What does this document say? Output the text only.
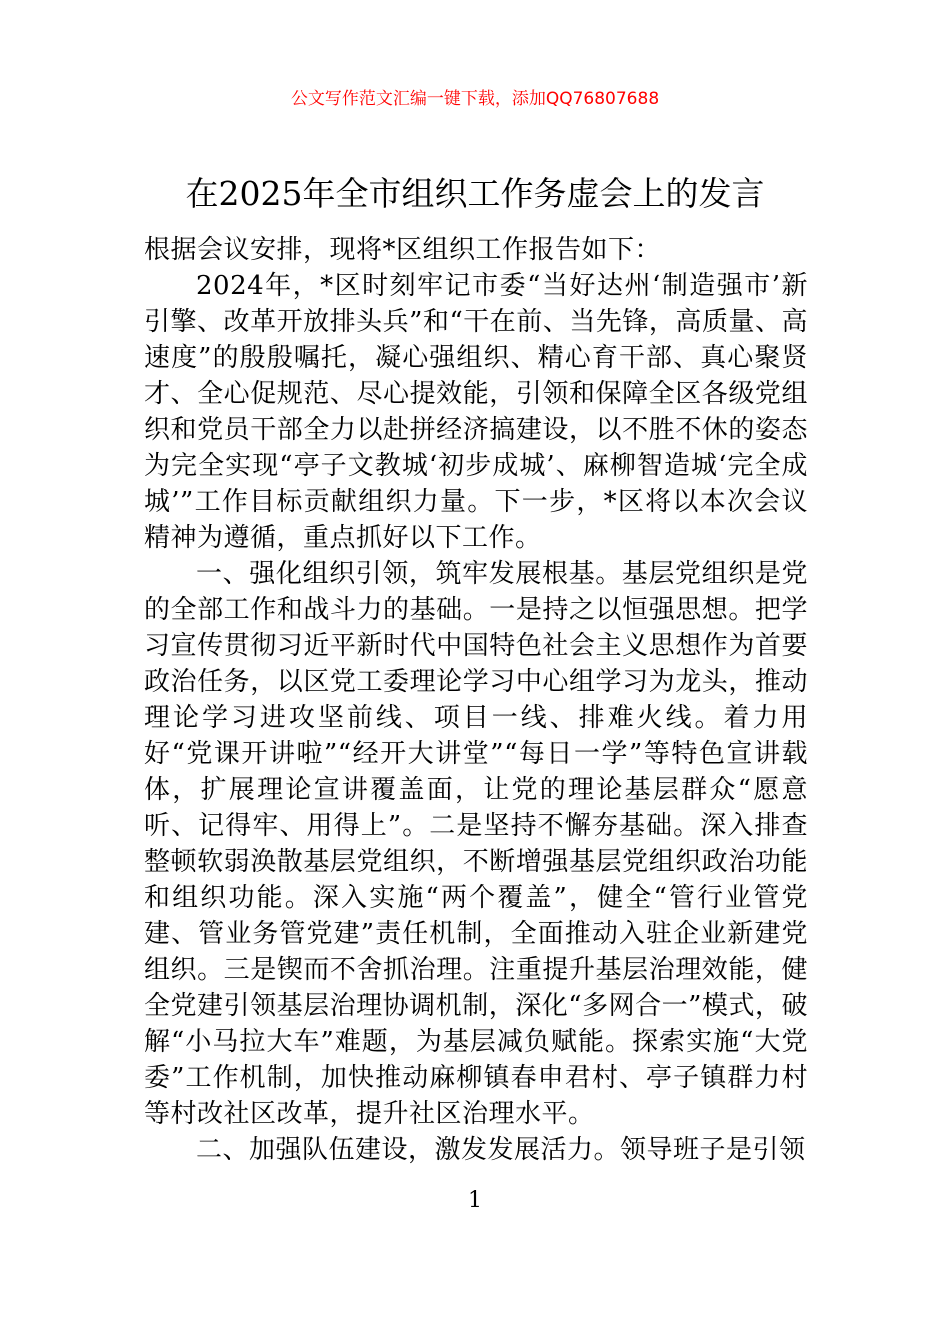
公文写作范文汇编一键下载，添加QQ76807688
在2025年全市组织工作务虚会上的发言

根据会议安排，现将*区组织工作报告如下：

2024年，*区时刻牢记市委“当好达州‘制造强市’新引擎、改革开放排头兵”和“干在前、当先锋，高质量、高速度”的殷殷嘱托，凝心强组织、精心育干部、真心聚贤才、全心促规范、尽心提效能，引领和保障全区各级党组织和党员干部全力以赴拼经济搞建设，以不胜不休的姿态为完全实现“亭子文教城‘初步成城’、麻柳智造城‘完全成城’”工作目标贡献组织力量。下一步，*区将以本次会议精神为遵循，重点抓好以下工作。

一、强化组织引领，筑牢发展根基。基层党组织是党的全部工作和战斗力的基础。一是持之以恒强思想。把学习宣传贯彻习近平新时代中国特色社会主义思想作为首要政治任务，以区党工委理论学习中心组学习为龙头，推动理论学习进攻坚前线、项目一线、排难火线。着力用好“党课开讲啦”“经开大讲堂”“每日一学”等特色宣讲载体，扩展理论宣讲覆盖面，让党的理论基层群众“愿意听、记得牢、用得上”。二是坚持不懈夯基础。深入排查整顿软弱涣散基层党组织，不断增强基层党组织政治功能和组织功能。深入实施“两个覆盖”，健全“管行业管党建、管业务管党建”责任机制，全面推动入驻企业新建党组织。三是锲而不舍抓治理。注重提升基层治理效能，健全党建引领基层治理协调机制，深化“多网合一”模式，破解“小马拉大车”难题，为基层减负赋能。探索实施“大党委”工作机制，加快推动麻柳镇春申君村、亭子镇群力村等村改社区改革，提升社区治理水平。

二、加强队伍建设，激发发展活力。领导班子是引领

1
